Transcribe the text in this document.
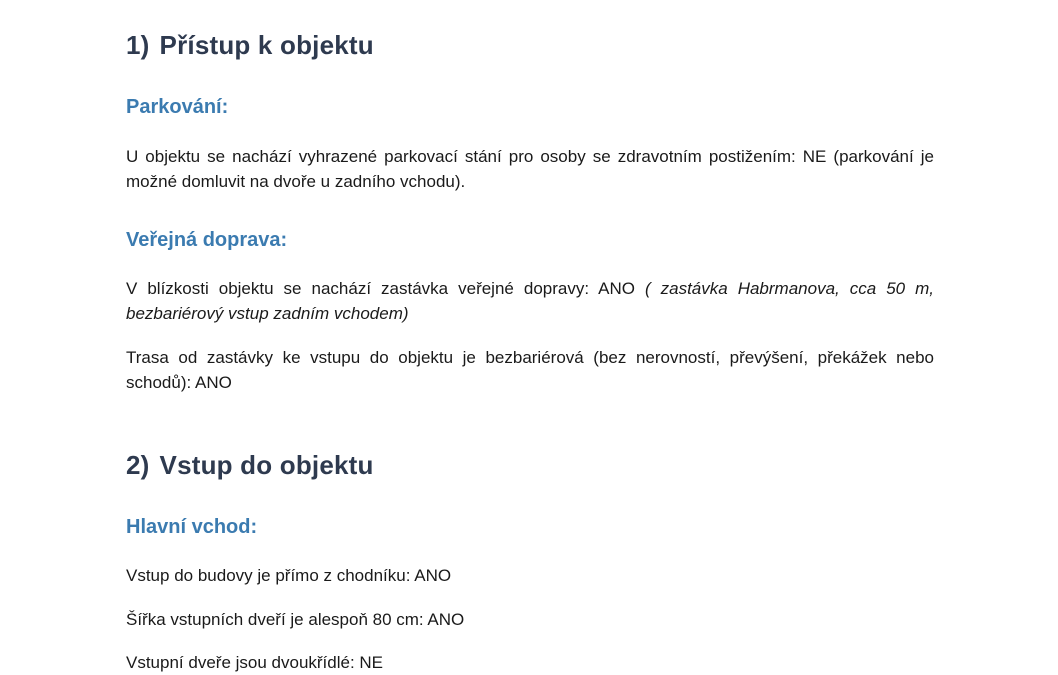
1) Přístup k objektu
Parkování:
U objektu se nachází vyhrazené parkovací stání pro osoby se zdravotním postižením: NE (parkování je možné domluvit na dvoře u zadního vchodu).
Veřejná doprava:
V blízkosti objektu se nachází zastávka veřejné dopravy: ANO ( zastávka Habrmanova, cca 50 m, bezbariérový vstup zadním vchodem)
Trasa od zastávky ke vstupu do objektu je bezbariérová (bez nerovností, převýšení, překážek nebo schodů): ANO
2) Vstup do objektu
Hlavní vchod:
Vstup do budovy je přímo z chodníku: ANO
Šířka vstupních dveří je alespoň 80 cm: ANO
Vstupní dveře jsou dvoukřídlé: NE
